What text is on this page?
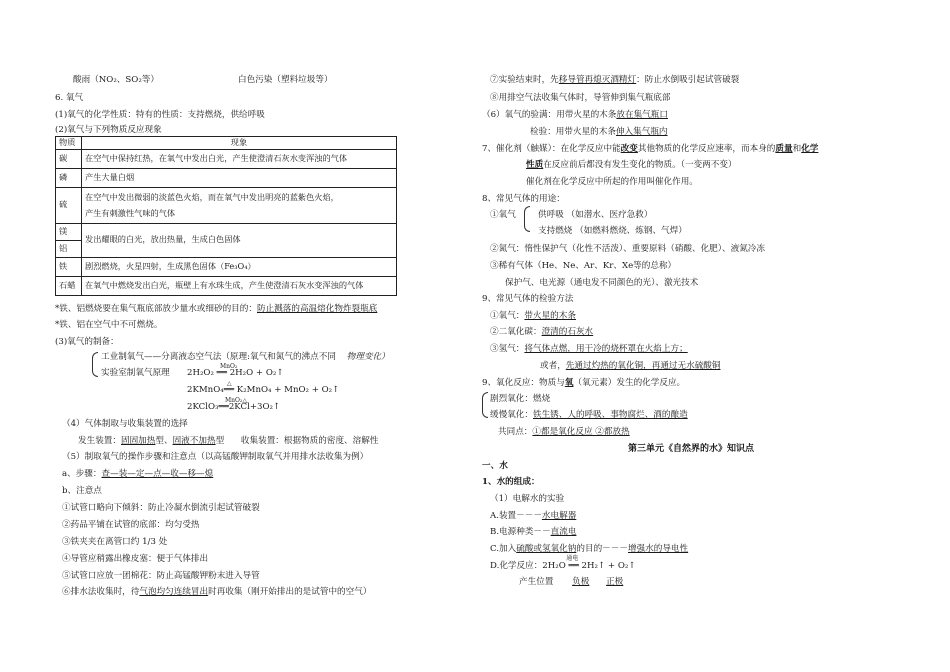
酸雨（NO₂、SO₂等）	白色污染（塑料垃圾等）
6. 氧气
(1)氧气的化学性质：特有的性质：支持燃烧，供给呼吸
(2)氧气与下列物质反应现象
物质	现象
碳	在空气中保持红热，在氧气中发出白光，产生使澄清石灰水变浑浊的气体
磷	产生大量白烟
硫	在空气中发出微弱的淡蓝色火焰，而在氧气中发出明亮的蓝紫色火焰，
产生有刺激性气味的气体

镁	发出耀眼的白光，放出热量，生成白色固体
铝	
铁	剧烈燃烧，火星四射，生成黑色固体（Fe₃O₄）
石蜡	在氧气中燃烧发出白光，瓶壁上有水珠生成，产生使澄清石灰水变浑浊的气体
*铁、铝燃烧要在集气瓶底部放少量水或细砂的目的：防止溅落的高温熔化物炸裂瓶底
*铁、铝在空气中不可燃烧。
(3)氧气的制备：
工业制氧气——分离液态空气法（原理:氧气和氮气的沸点不同 物理变化）
实验室制氧气原理
MnO₂
2H₂O₂ ══ 2H₂O + O₂↑
△
2KMnO₄══ K₂MnO₄ + MnO₂ + O₂↑
MnO₂△
2KClO₃══2KCl+3O₂↑
（4）气体制取与收集装置的选择
发生装置：固固加热型、固液不加热型 收集装置：根据物质的密度、溶解性
（5）制取氧气的操作步骤和注意点（以高锰酸钾制取氧气并用排水法收集为例）
a、步骤：查—装—定—点—收—移—熄
b、注意点
①试管口略向下倾斜：防止冷凝水倒流引起试管破裂
②药品平铺在试管的底部：均匀受热
③铁夹夹在离管口约 1/3 处
④导管应稍露出橡皮塞：便于气体排出
⑤试管口应放一团棉花：防止高锰酸钾粉末进入导管
⑥排水法收集时，待气泡均匀连续冒出时再收集（刚开始排出的是试管中的空气）
⑦实验结束时，先移导管再熄灭酒精灯：防止水倒吸引起试管破裂
⑧用排空气法收集气体时，导管伸到集气瓶底部
（6）氧气的验满：用带火星的木条放在集气瓶口
检验：用带火星的木条伸入集气瓶内
7、催化剂（触媒）：在化学反应中能改变其他物质的化学反应速率，而本身的质量和化学
性质在反应前后都没有发生变化的物质。（一变两不变）
催化剂在化学反应中所起的作用叫催化作用。
8、常见气体的用途：
①氧气	供呼吸 （如潜水、医疗急救）
支持燃烧 （如燃料燃烧、炼钢、气焊）
②氮气：惰性保护气（化性不活泼）、重要原料（硝酸、化肥）、液氮冷冻
③稀有气体（He、Ne、Ar、Kr、Xe等的总称）
保护气、电光源（通电发不同颜色的光）、激光技术
9、常见气体的检验方法
①氧气：带火星的木条
②二氧化碳：澄清的石灰水
③氢气：将气体点燃，用干冷的烧杯罩在火焰上方；
或者，先通过灼热的氧化铜，再通过无水硫酸铜
9、氧化反应：物质与氧（氧元素）发生的化学反应。
剧烈氧化：燃烧
缓慢氧化：铁生锈、人的呼吸、事物腐烂、酒的酿造
共同点：①都是氧化反应 ②都放热
第三单元《自然界的水》知识点
一、水
1、水的组成：
（1）电解水的实验
A.装置－－－水电解器
B.电源种类－－直流电
C.加入硫酸或氢氧化钠的目的－－－增强水的导电性
D.化学反应：
通电
2H₂O ══ 2H₂↑ + O₂↑
产生位置 负极 正极
